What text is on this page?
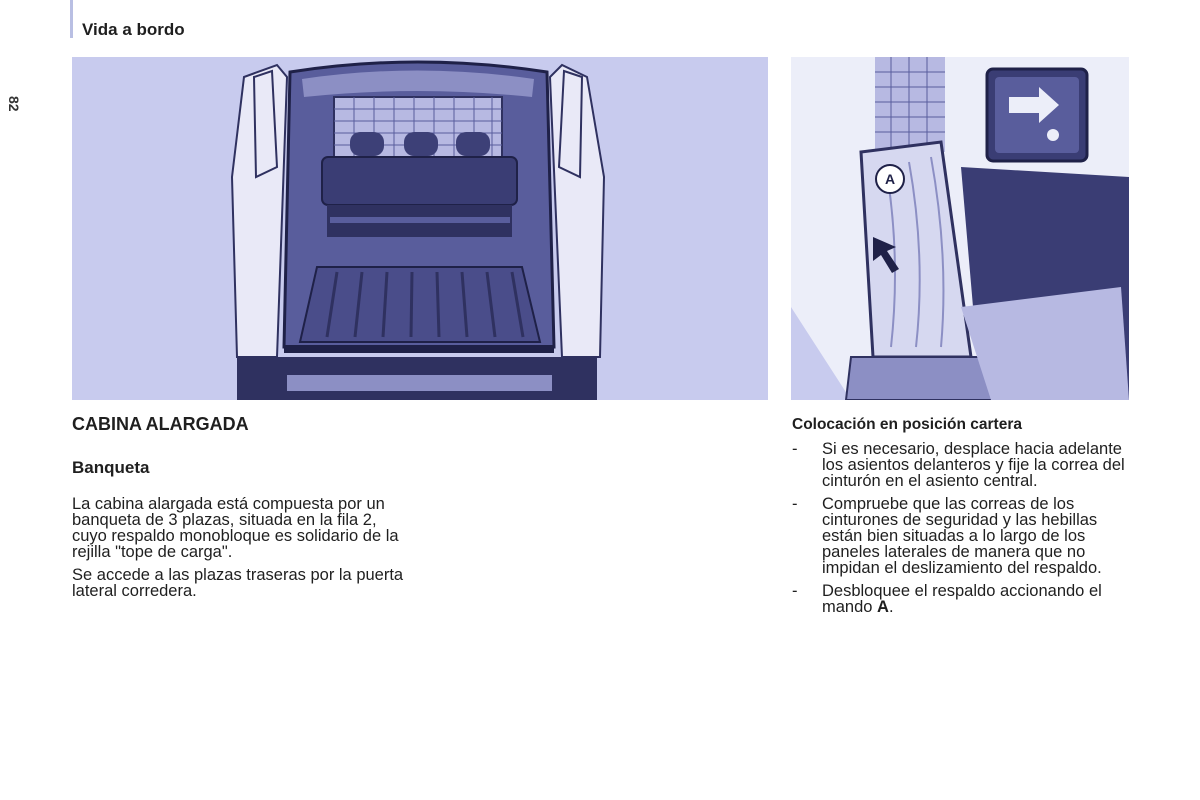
Vida a bordo
82
A
CABINA ALARGADA
Banqueta

La cabina alargada está compuesta por un banqueta de 3 plazas, situada en la fila 2, cuyo respaldo monobloque es solidario de la rejilla "tope de carga".

Se accede a las plazas traseras por la puerta lateral corredera.

Colocación en posición cartera
- Si es necesario, desplace hacia adelante los asientos delanteros y fije la correa del cinturón en el asiento central.
- Compruebe que las correas de los cinturones de seguridad y las hebillas están bien situadas a lo largo de los paneles laterales de manera que no impidan el deslizamiento del respaldo.
- Desbloquee el respaldo accionando el mando A.
